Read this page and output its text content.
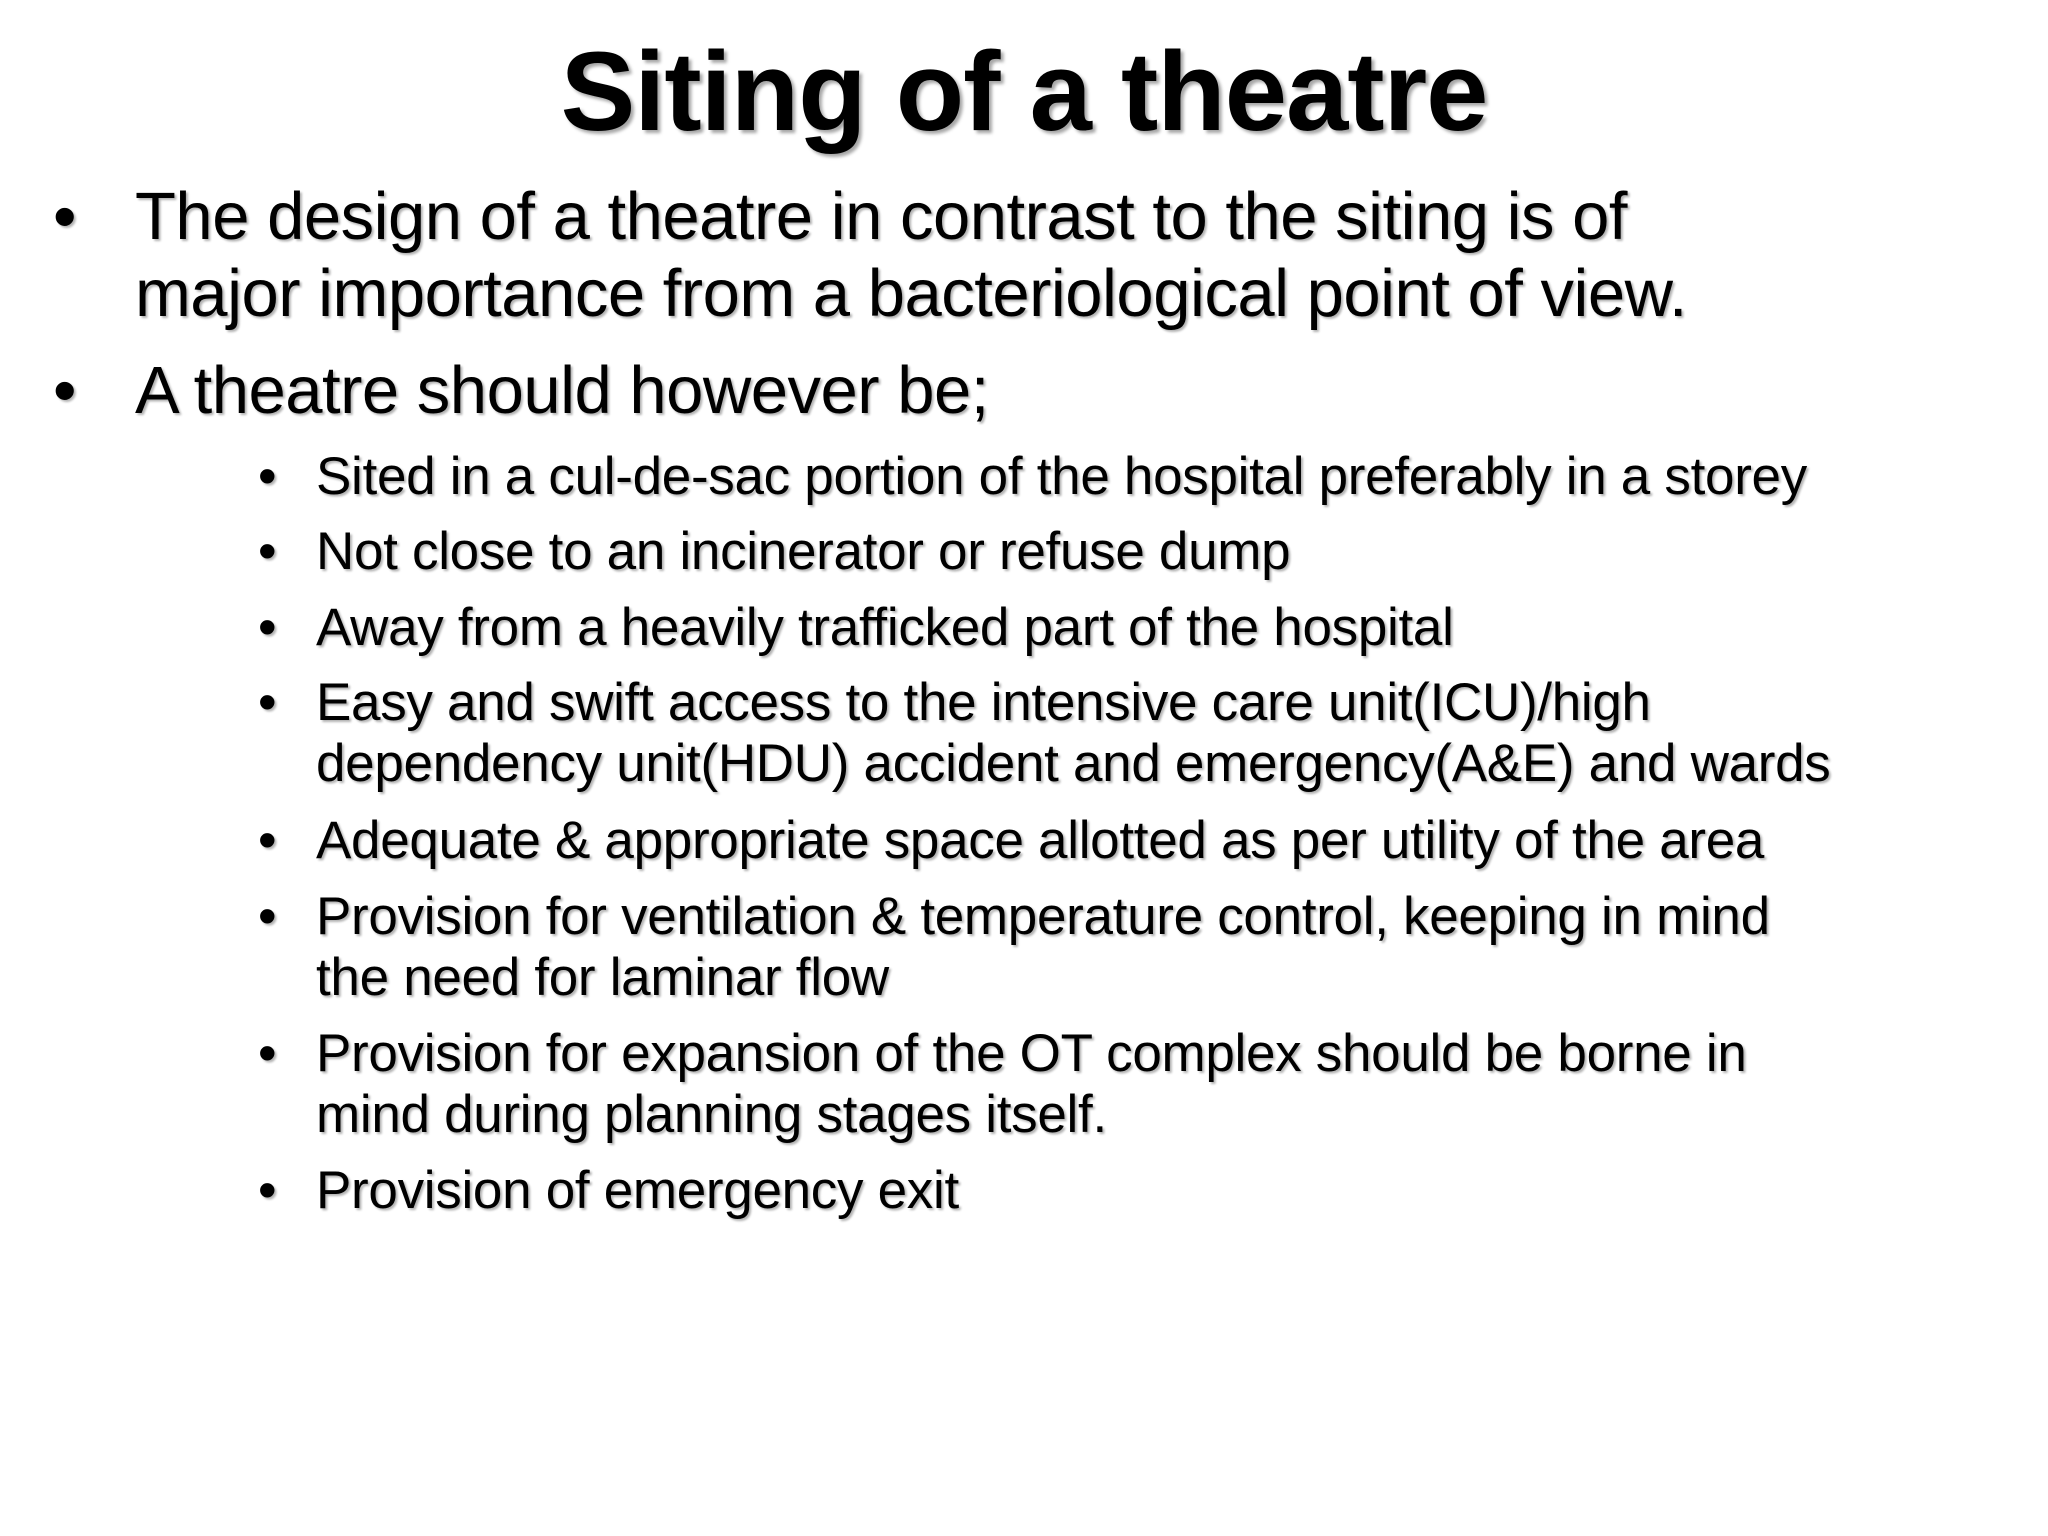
Siting of a theatre
• The design of a theatre in contrast to the siting is of
major importance from a bacteriological point of view.
• A theatre should however be;
• Sited in a cul-de-sac portion of the hospital preferably in a storey
• Not close to an incinerator or refuse dump
• Away from a heavily trafficked part of the hospital
• Easy and swift access to the intensive care unit(ICU)/high
dependency unit(HDU) accident and emergency(A&E) and wards
• Adequate & appropriate space allotted as per utility of the area
• Provision for ventilation & temperature control, keeping in mind
the need for laminar flow
• Provision for expansion of the OT complex should be borne in
mind during planning stages itself.
• Provision of emergency exit
